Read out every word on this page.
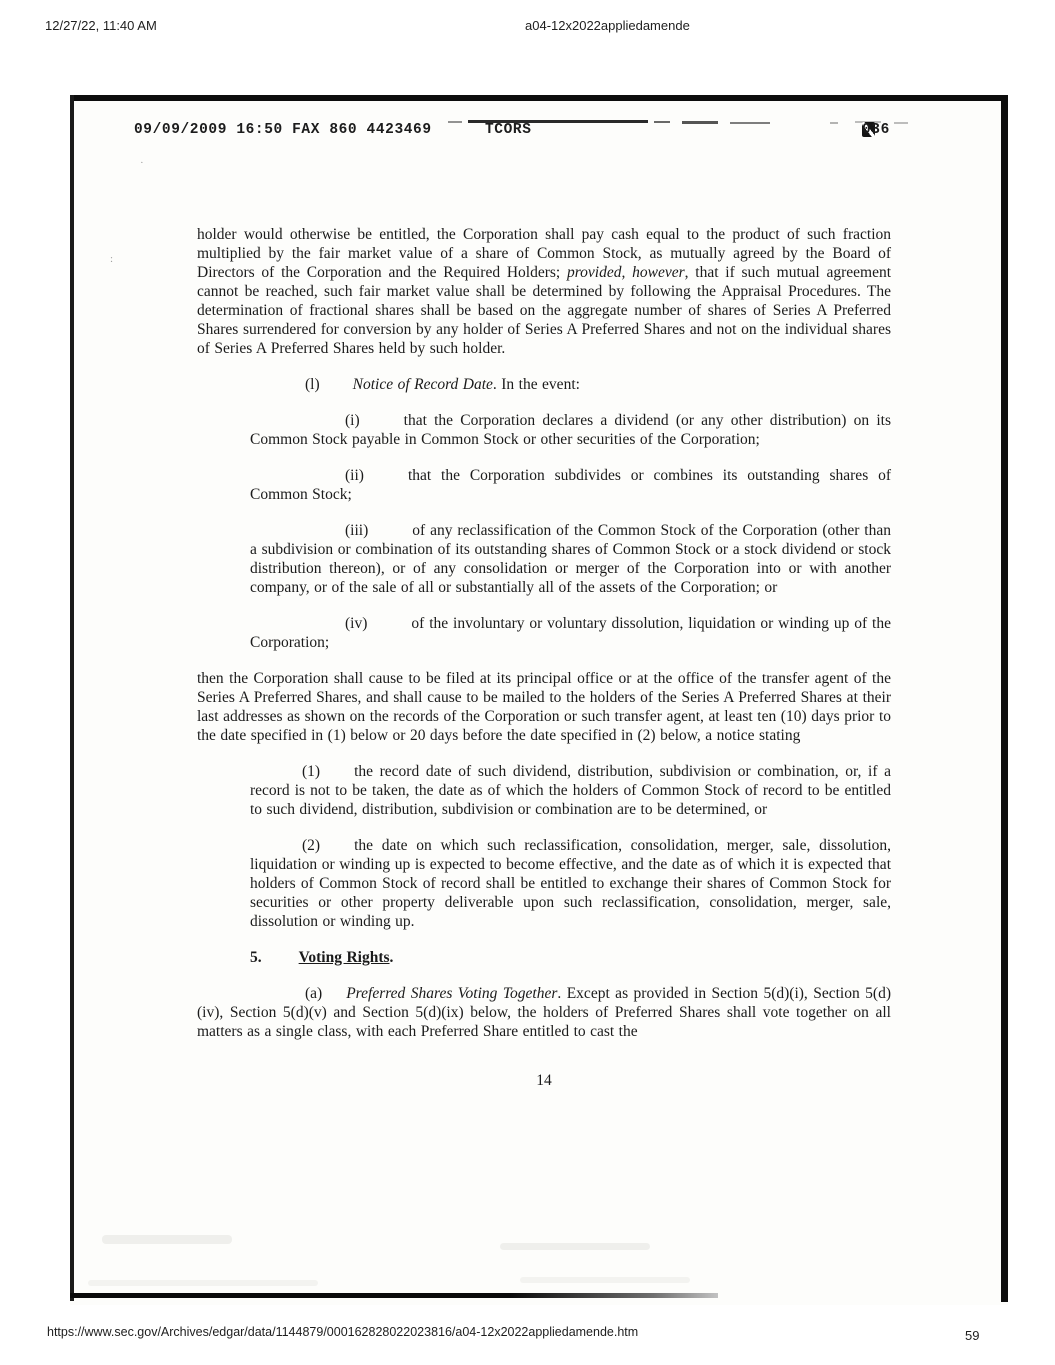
12/27/22, 11:40 AM	a04-12x2022appliedamende
·
:
09/09/2009 16:50 FAX 860 4423469	TCORS	036

holder would otherwise be entitled, the Corporation shall pay cash equal to the product of such fraction multiplied by the fair market value of a share of Common Stock, as mutually agreed by the Board of Directors of the Corporation and the Required Holders; provided, however, that if such mutual agreement cannot be reached, such fair market value shall be determined by following the Appraisal Procedures. The determination of fractional shares shall be based on the aggregate number of shares of Series A Preferred Shares surrendered for conversion by any holder of Series A Preferred Shares and not on the individual shares of Series A Preferred Shares held by such holder.

(l) Notice of Record Date. In the event:

(i)	that the Corporation declares a dividend (or any other distribution) on its Common Stock payable in Common Stock or other securities of the Corporation;

(ii)	that the Corporation subdivides or combines its outstanding shares of Common Stock;

(iii)	of any reclassification of the Common Stock of the Corporation (other than a subdivision or combination of its outstanding shares of Common Stock or a stock dividend or stock distribution thereon), or of any consolidation or merger of the Corporation into or with another company, or of the sale of all or substantially all of the assets of the Corporation; or

(iv)	of the involuntary or voluntary dissolution, liquidation or winding up of the Corporation;

then the Corporation shall cause to be filed at its principal office or at the office of the transfer agent of the Series A Preferred Shares, and shall cause to be mailed to the holders of the Series A Preferred Shares at their last addresses as shown on the records of the Corporation or such transfer agent, at least ten (10) days prior to the date specified in (1) below or 20 days before the date specified in (2) below, a notice stating

(1) the record date of such dividend, distribution, subdivision or combination, or, if a record is not to be taken, the date as of which the holders of Common Stock of record to be entitled to such dividend, distribution, subdivision or combination are to be determined, or

(2) the date on which such reclassification, consolidation, merger, sale, dissolution, liquidation or winding up is expected to become effective, and the date as of which it is expected that holders of Common Stock of record shall be entitled to exchange their shares of Common Stock for securities or other property deliverable upon such reclassification, consolidation, merger, sale, dissolution or winding up.

5. Voting Rights.

(a) Preferred Shares Voting Together. Except as provided in Section 5(d)(i), Section 5(d)(iv), Section 5(d)(v) and Section 5(d)(ix) below, the holders of Preferred Shares shall vote together on all matters as a single class, with each Preferred Share entitled to cast the

14

https://www.sec.gov/Archives/edgar/data/1144879/000162828022023816/a04-12x2022appliedamende.htm	59
